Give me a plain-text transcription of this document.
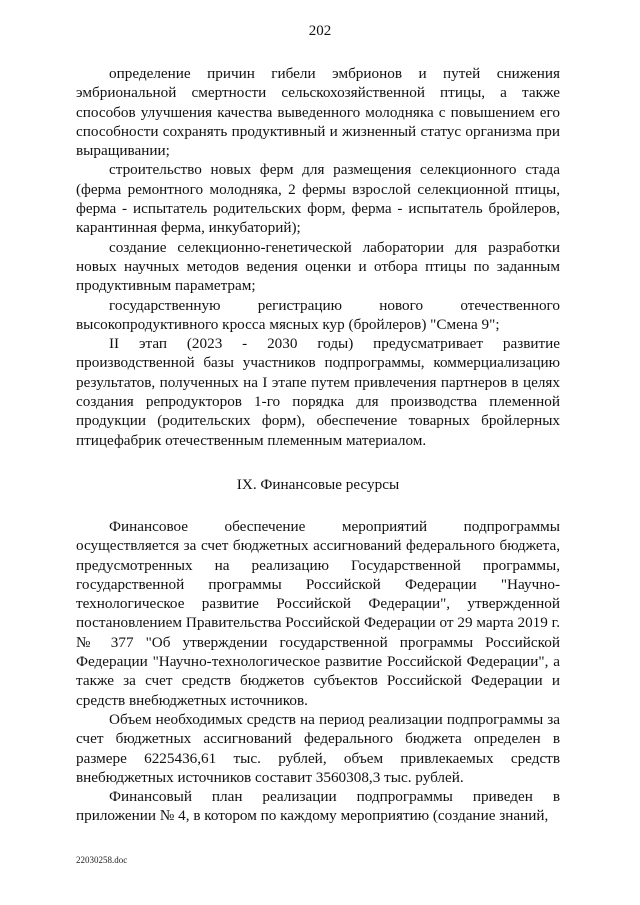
202

определение причин гибели эмбрионов и путей снижения эмбриональной смертности сельскохозяйственной птицы, а также способов улучшения качества выведенного молодняка с повышением его способности сохранять продуктивный и жизненный статус организма при выращивании;

строительство новых ферм для размещения селекционного стада (ферма ремонтного молодняка, 2 фермы взрослой селекционной птицы, ферма - испытатель родительских форм, ферма - испытатель бройлеров, карантинная ферма, инкубаторий);

создание селекционно-генетической лаборатории для разработки новых научных методов ведения оценки и отбора птицы по заданным продуктивным параметрам;

государственную регистрацию нового отечественного высокопродуктивного кросса мясных кур (бройлеров) "Смена 9";

II этап (2023 - 2030 годы) предусматривает развитие производственной базы участников подпрограммы, коммерциализацию результатов, полученных на I этапе путем привлечения партнеров в целях создания репродукторов 1-го порядка для производства племенной продукции (родительских форм), обеспечение товарных бройлерных птицефабрик отечественным племенным материалом.

IX. Финансовые ресурсы

Финансовое обеспечение мероприятий подпрограммы осуществляется за счет бюджетных ассигнований федерального бюджета, предусмотренных на реализацию Государственной программы, государственной программы Российской Федерации "Научно-технологическое развитие Российской Федерации", утвержденной постановлением Правительства Российской Федерации от 29 марта 2019 г. № 377 "Об утверждении государственной программы Российской Федерации "Научно-технологическое развитие Российской Федерации", а также за счет средств бюджетов субъектов Российской Федерации и средств внебюджетных источников.

Объем необходимых средств на период реализации подпрограммы за счет бюджетных ассигнований федерального бюджета определен в размере 6225436,61 тыс. рублей, объем привлекаемых средств внебюджетных источников составит 3560308,3 тыс. рублей.

Финансовый план реализации подпрограммы приведен в приложении № 4, в котором по каждому мероприятию (создание знаний,

22030258.doc
